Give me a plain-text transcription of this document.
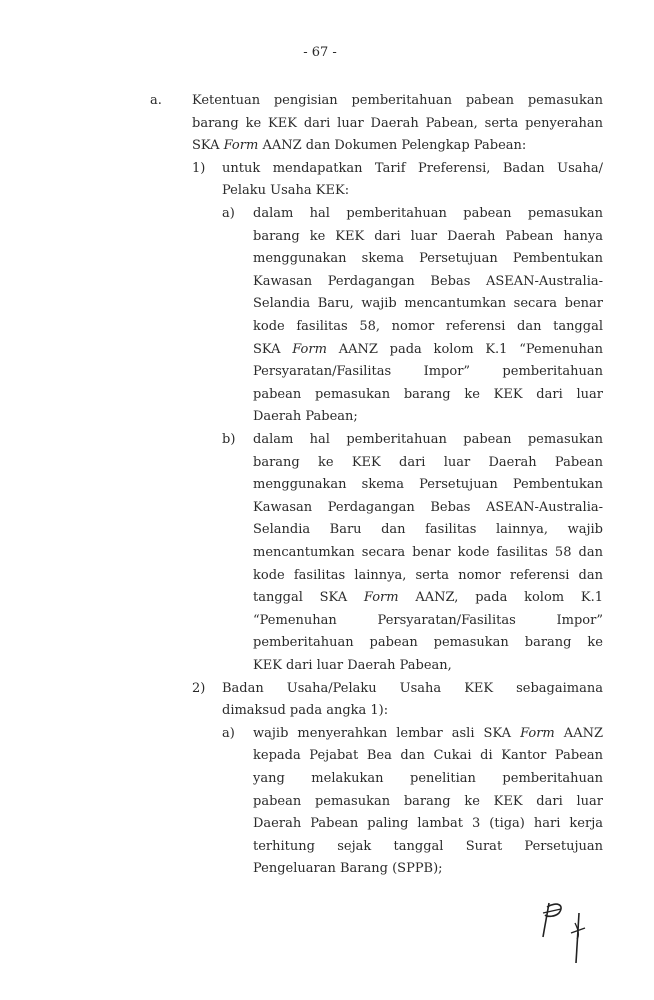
- 67 -
a. Ketentuan pengisian pemberitahuan pabean pemasukan
barang ke KEK dari luar Daerah Pabean, serta penyerahan
SKA Form AANZ dan Dokumen Pelengkap Pabean:
1) untuk mendapatkan Tarif Preferensi, Badan Usaha/
Pelaku Usaha KEK:
a) dalam hal pemberitahuan pabean pemasukan
barang ke KEK dari luar Daerah Pabean hanya
menggunakan skema Persetujuan Pembentukan
Kawasan Perdagangan Bebas ASEAN-Australia-
Selandia Baru, wajib mencantumkan secara benar
kode fasilitas 58, nomor referensi dan tanggal
SKA Form AANZ pada kolom K.1 “Pemenuhan
Persyaratan/Fasilitas Impor” pemberitahuan
pabean pemasukan barang ke KEK dari luar
Daerah Pabean;
b) dalam hal pemberitahuan pabean pemasukan
barang ke KEK dari luar Daerah Pabean
menggunakan skema Persetujuan Pembentukan
Kawasan Perdagangan Bebas ASEAN-Australia-
Selandia Baru dan fasilitas lainnya, wajib
mencantumkan secara benar kode fasilitas 58 dan
kode fasilitas lainnya, serta nomor referensi dan
tanggal SKA Form AANZ, pada kolom K.1
“Pemenuhan Persyaratan/Fasilitas Impor”
pemberitahuan pabean pemasukan barang ke
KEK dari luar Daerah Pabean,
2) Badan Usaha/Pelaku Usaha KEK sebagaimana
dimaksud pada angka 1):
a) wajib menyerahkan lembar asli SKA Form AANZ
kepada Pejabat Bea dan Cukai di Kantor Pabean
yang melakukan penelitian pemberitahuan
pabean pemasukan barang ke KEK dari luar
Daerah Pabean paling lambat 3 (tiga) hari kerja
terhitung sejak tanggal Surat Persetujuan
Pengeluaran Barang (SPPB);
